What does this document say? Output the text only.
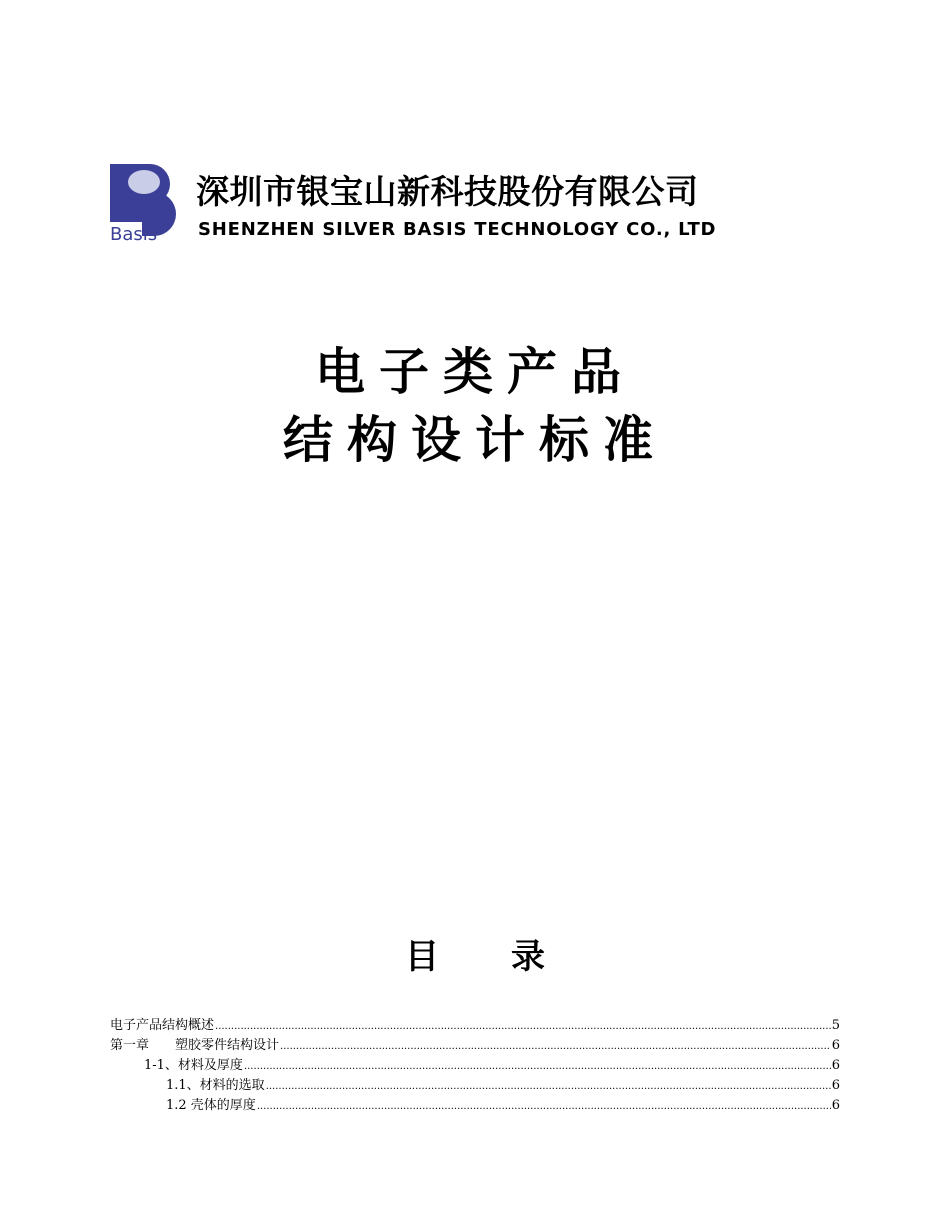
Basis
深圳市银宝山新科技股份有限公司
SHENZHEN SILVER BASIS TECHNOLOGY CO., LTD
电子类产品
结构设计标准
目 录
电子产品结构概述 .....	5
第一章 塑胶零件结构设计 .....	6
1-1、材料及厚度 .....	6
1.1、材料的选取 .....	6
1.2 壳体的厚度 .....	6
